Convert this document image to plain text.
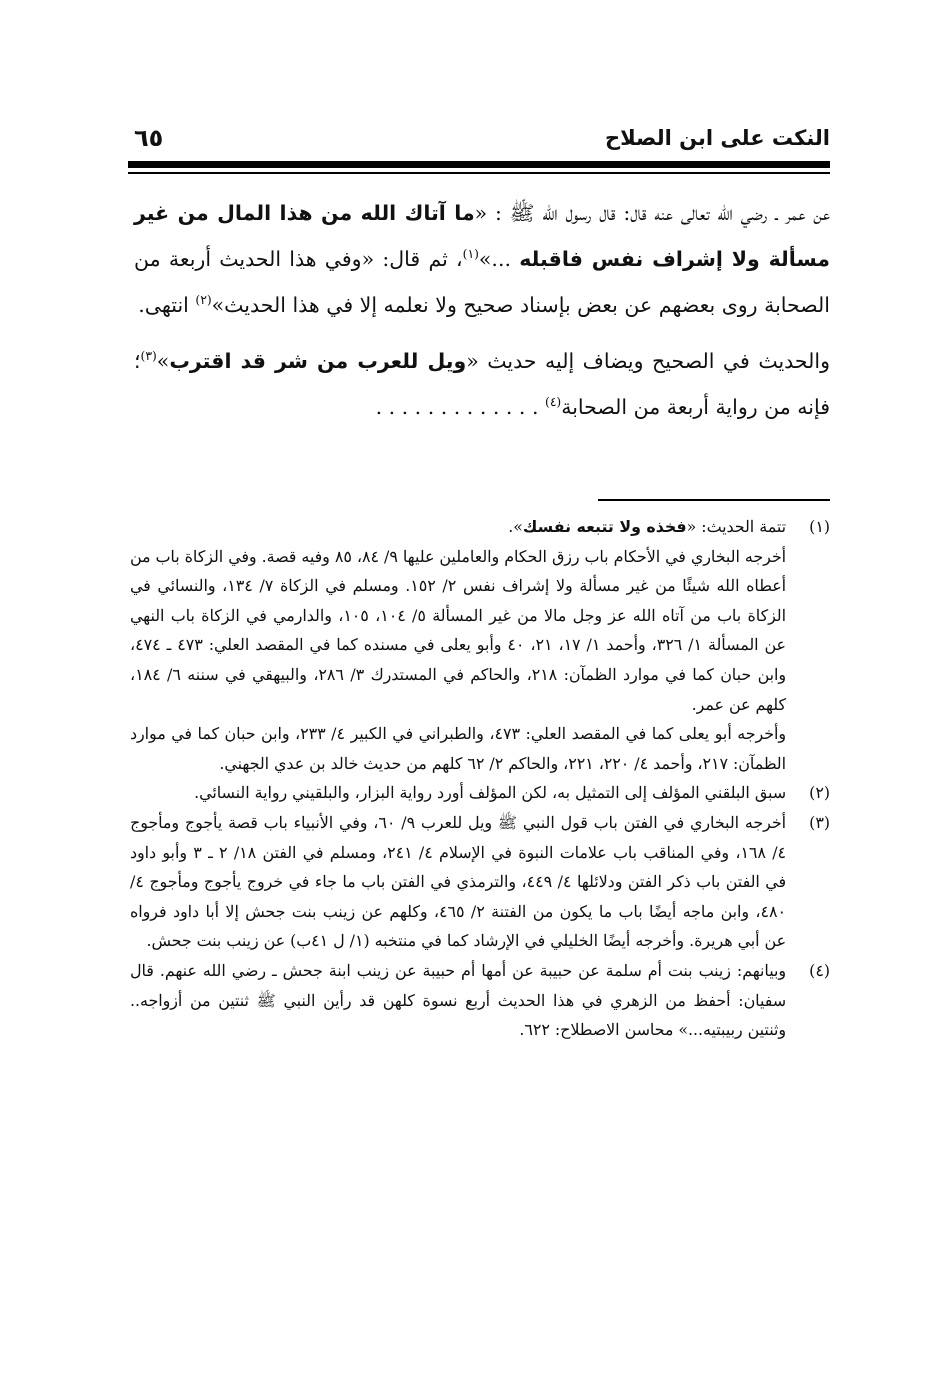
النكت على ابن الصلاح
٦٥

عن عمر ـ رضي الله تعالى عنه قال: قال رسول الله ﷺ : «ما آتاك الله من هذا المال من غير مسألة ولا إشراف نفس فاقبله ...»$^{(١)}$، ثم قال: «وفي هذا الحديث أربعة من الصحابة روى بعضهم عن بعض بإسناد صحيح ولا نعلمه إلا في هذا الحديث»$^{(٢)}$ انتهى.

والحديث في الصحيح ويضاف إليه حديث «ويل للعرب من شر قد اقترب»$^{(٣)}$؛ فإنه من رواية أربعة من الصحابة$^{(٤)}$ . . . . . . . . . . . . .

(١)

تتمة الحديث: «فخذه ولا تتبعه نفسك».

أخرجه البخاري في الأحكام باب رزق الحكام والعاملين عليها ٩/ ٨٤، ٨٥ وفيه قصة. وفي الزكاة باب من أعطاه الله شيئًا من غير مسألة ولا إشراف نفس ٢/ ١٥٢. ومسلم في الزكاة ٧/ ١٣٤، والنسائي في الزكاة باب من آتاه الله عز وجل مالا من غير المسألة ٥/ ١٠٤، ١٠٥، والدارمي في الزكاة باب النهي عن المسألة ١/ ٣٢٦، وأحمد ١/ ١٧، ٢١، ٤٠ وأبو يعلى في مسنده كما في المقصد العلي: ٤٧٣ ـ ٤٧٤، وابن حبان كما في موارد الظمآن: ٢١٨، والحاكم في المستدرك ٣/ ٢٨٦، والبيهقي في سننه ٦/ ١٨٤، كلهم عن عمر.

وأخرجه أبو يعلى كما في المقصد العلي: ٤٧٣، والطبراني في الكبير ٤/ ٢٣٣، وابن حبان كما في موارد الظمآن: ٢١٧، وأحمد ٤/ ٢٢٠، ٢٢١، والحاكم ٢/ ٦٢ كلهم من حديث خالد بن عدي الجهني.

(٢)

سبق البلقني المؤلف إلى التمثيل به، لكن المؤلف أورد رواية البزار، والبلقيني رواية النسائي.

(٣)

أخرجه البخاري في الفتن باب قول النبي ﷺ ويل للعرب ٩/ ٦٠، وفي الأنبياء باب قصة يأجوج ومأجوج ٤/ ١٦٨، وفي المناقب باب علامات النبوة في الإسلام ٤/ ٢٤١، ومسلم في الفتن ١٨/ ٢ ـ ٣ وأبو داود في الفتن باب ذكر الفتن ودلائلها ٤/ ٤٤٩، والترمذي في الفتن باب ما جاء في خروج يأجوج ومأجوج ٤/ ٤٨٠، وابن ماجه أيضًا باب ما يكون من الفتنة ٢/ ٤٦٥، وكلهم عن زينب بنت جحش إلا أبا داود فرواه عن أبي هريرة. وأخرجه أيضًا الخليلي في الإرشاد كما في منتخبه (١/ ل ٤١ب) عن زينب بنت جحش.

(٤)

وبيانهم: زينب بنت أم سلمة عن حبيبة عن أمها أم حبيبة عن زينب ابنة جحش ـ رضي الله عنهم. قال سفيان: أحفظ من الزهري في هذا الحديث أربع نسوة كلهن قد رأين النبي ﷺ ثنتين من أزواجه.. وثنتين ربيبتيه...» محاسن الاصطلاح: ٦٢٢.
